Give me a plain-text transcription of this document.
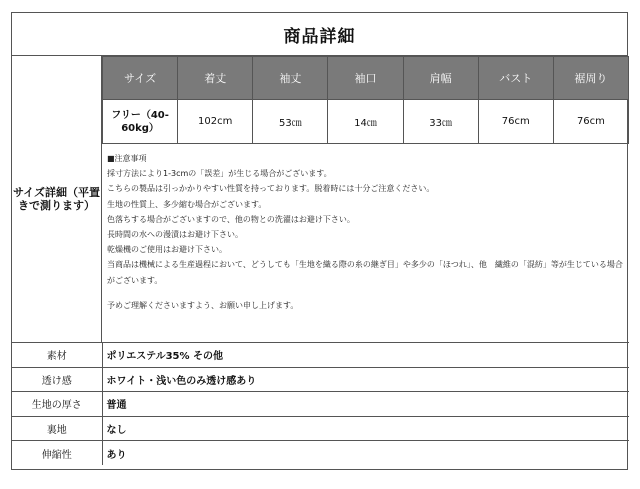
商品詳細
サイズ詳細（平置きで測ります）
サイズ	着丈	袖丈	袖口	肩幅	バスト	裾周り
フリー（40-60kg）	102cm	53㎝	14㎝	33㎝	76cm	76cm

■注意事項

採寸方法により1-3cmの「誤差」が生じる場合がございます。

こちらの製品は引っかかりやすい性質を持っております。脱着時には十分ご注意ください。

生地の性質上、多少縮む場合がございます。

色落ちする場合がございますので、他の物との洗濯はお避け下さい。

長時間の水への漫漬はお避け下さい。

乾燥機のご使用はお避け下さい。

当商品は機械による生産過程において、どうしても「生地を織る際の糸の継ぎ目」や多少の「ほつれ」、他　繊維の「混紡」等が生じている場合がございます。

予めご理解くださいますよう、お願い申し上げます。

素材	ポリエステル35% その他
透け感	ホワイト・浅い色のみ透け感あり
生地の厚さ	普通
裏地	なし
伸縮性	あり
